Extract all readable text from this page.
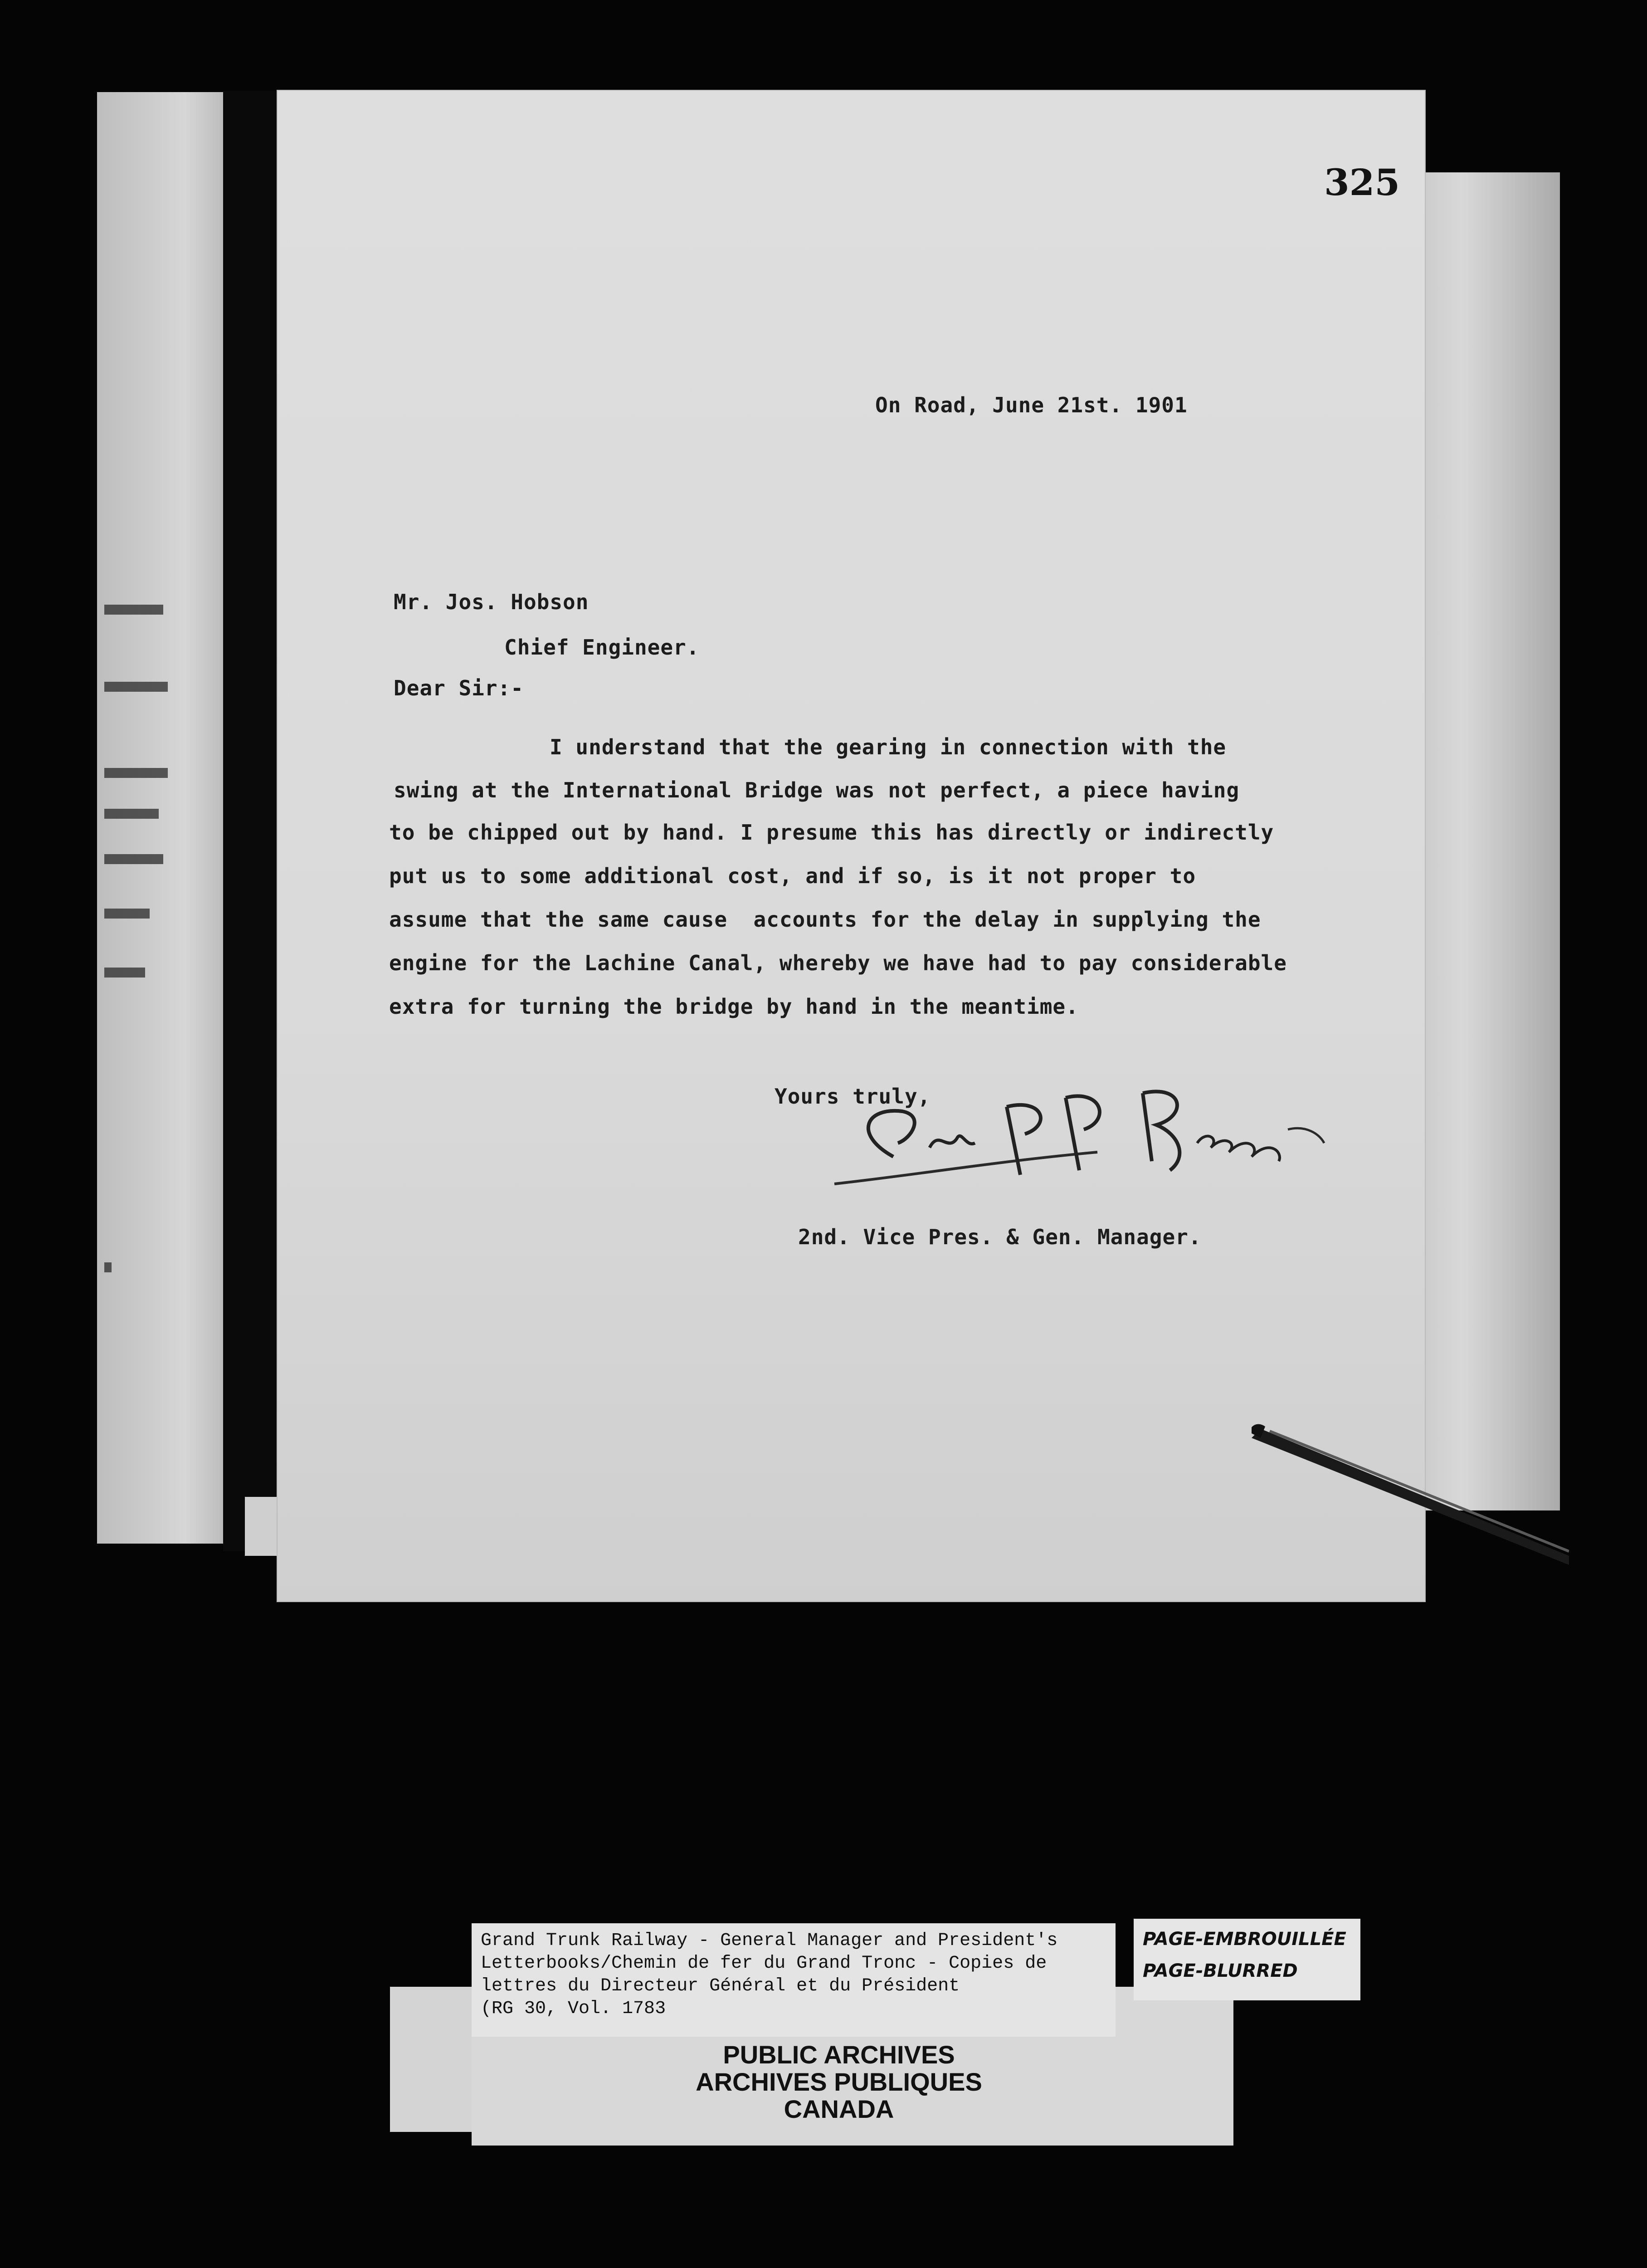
325

On Road, June 21st. 1901

Mr. Jos. Hobson

Chief Engineer.

Dear Sir:-

I understand that the gearing in connection with the

swing at the International Bridge was not perfect, a piece having

to be chipped out by hand. I presume this has directly or indirectly

put us to some additional cost, and if so, is it not proper to

assume that the same cause  accounts for the delay in supplying the

engine for the Lachine Canal, whereby we have had to pay considerable

extra for turning the bridge by hand in the meantime.

Yours truly,

2nd. Vice Pres. & Gen. Manager.

Grand Trunk Railway - General Manager and President's
Letterbooks/Chemin de fer du Grand Tronc - Copies de
lettres du Directeur Général et du Président
(RG 30, Vol. 1783
PAGE-EMBROUILLÉE
PAGE-BLURRED
PUBLIC ARCHIVES
ARCHIVES PUBLIQUES
CANADA
